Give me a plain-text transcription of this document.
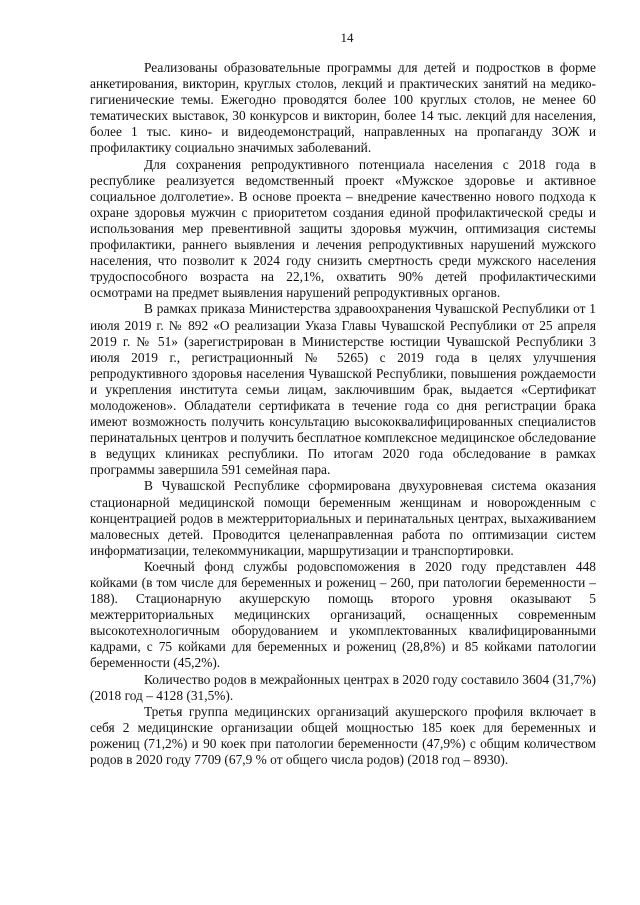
14

Реализованы образовательные программы для детей и подростков в форме анкетирования, викторин, круглых столов, лекций и практических занятий на медико-гигиенические темы. Ежегодно проводятся более 100 круглых столов, не менее 60 тематических выставок, 30 конкурсов и викторин, более 14 тыс. лекций для населения, более 1 тыс. кино- и видеодемонстраций, направленных на пропаганду ЗОЖ и профилактику социально значимых заболеваний.

Для сохранения репродуктивного потенциала населения с 2018 года в республике реализуется ведомственный проект «Мужское здоровье и активное социальное долголетие». В основе проекта – внедрение качественно нового подхода к охране здоровья мужчин с приоритетом создания единой профилактической среды и использования мер превентивной защиты здоровья мужчин, оптимизация системы профилактики, раннего выявления и лечения репродуктивных нарушений мужского населения, что позволит к 2024 году снизить смертность среди мужского населения трудоспособного возраста на 22,1%, охватить 90% детей профилактическими осмотрами на предмет выявления нарушений репродуктивных органов.

В рамках приказа Министерства здравоохранения Чувашской Республики от 1 июля 2019 г. № 892 «О реализации Указа Главы Чувашской Республики от 25 апреля 2019 г. № 51» (зарегистрирован в Министерстве юстиции Чувашской Республики 3 июля 2019 г., регистрационный № 5265) с 2019 года в целях улучшения репродуктивного здоровья населения Чувашской Республики, повышения рождаемости и укрепления института семьи лицам, заключившим брак, выдается «Сертификат молодоженов». Обладатели сертификата в течение года со дня регистрации брака имеют возможность получить консультацию высококвалифицированных специалистов перинатальных центров и получить бесплатное комплексное медицинское обследование в ведущих клиниках республики. По итогам 2020 года обследование в рамках программы завершила 591 семейная пара.

В Чувашской Республике сформирована двухуровневая система оказания стационарной медицинской помощи беременным женщинам и новорожденным с концентрацией родов в межтерриториальных и перинатальных центрах, выхаживанием маловесных детей. Проводится целенаправленная работа по оптимизации систем информатизации, телекоммуникации, маршрутизации и транспортировки.

Коечный фонд службы родовспоможения в 2020 году представлен 448 койками (в том числе для беременных и рожениц – 260, при патологии беременности – 188). Стационарную акушерскую помощь второго уровня оказывают 5 межтерриториальных медицинских организаций, оснащенных современным высокотехнологичным оборудованием и укомплектованных квалифицированными кадрами, с 75 койками для беременных и рожениц (28,8%) и 85 койками патологии беременности (45,2%).

Количество родов в межрайонных центрах в 2020 году составило 3604 (31,7%) (2018 год – 4128 (31,5%).

Третья группа медицинских организаций акушерского профиля включает в себя 2 медицинские организации общей мощностью 185 коек для беременных и рожениц (71,2%) и 90 коек при патологии беременности (47,9%) с общим количеством родов в 2020 году 7709 (67,9 % от общего числа родов) (2018 год – 8930).
